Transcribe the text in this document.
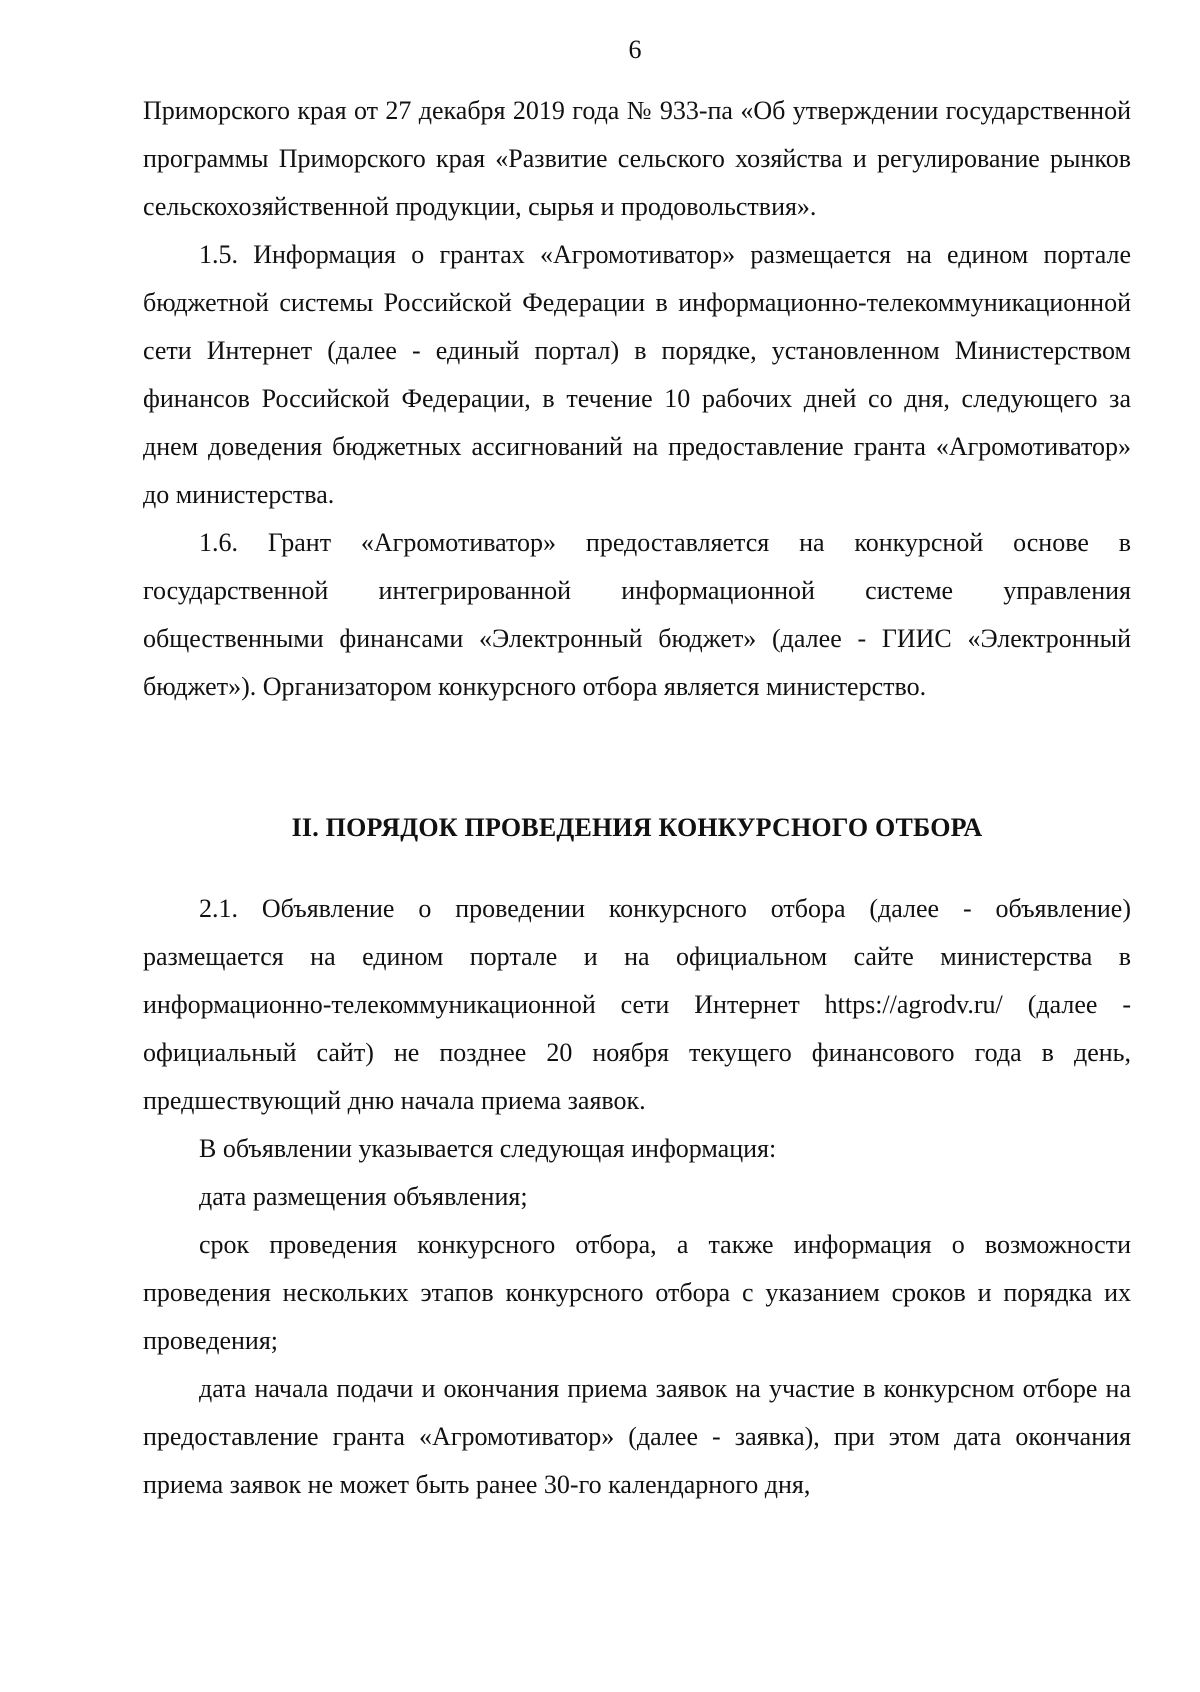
6

Приморского края от 27 декабря 2019 года № 933-па «Об утверждении государственной программы Приморского края «Развитие сельского хозяйства и регулирование рынков сельскохозяйственной продукции, сырья и продовольствия».

1.5. Информация о грантах «Агромотиватор» размещается на едином портале бюджетной системы Российской Федерации в информационно-телекоммуникационной сети Интернет (далее - единый портал) в порядке, установленном Министерством финансов Российской Федерации, в течение 10 рабочих дней со дня, следующего за днем доведения бюджетных ассигнований на предоставление гранта «Агромотиватор» до министерства.

1.6. Грант «Агромотиватор» предоставляется на конкурсной основе в государственной интегрированной информационной системе управления общественными финансами «Электронный бюджет» (далее - ГИИС «Электронный бюджет»). Организатором конкурсного отбора является министерство.

II. ПОРЯДОК ПРОВЕДЕНИЯ КОНКУРСНОГО ОТБОРА

2.1. Объявление о проведении конкурсного отбора (далее - объявление) размещается на едином портале и на официальном сайте министерства в информационно-телекоммуникационной сети Интернет https://agrodv.ru/ (далее - официальный сайт) не позднее 20 ноября текущего финансового года в день, предшествующий дню начала приема заявок.

В объявлении указывается следующая информация:

дата размещения объявления;

срок проведения конкурсного отбора, а также информация о возможности проведения нескольких этапов конкурсного отбора с указанием сроков и порядка их проведения;

дата начала подачи и окончания приема заявок на участие в конкурсном отборе на предоставление гранта «Агромотиватор» (далее - заявка), при этом дата окончания приема заявок не может быть ранее 30-го календарного дня,
